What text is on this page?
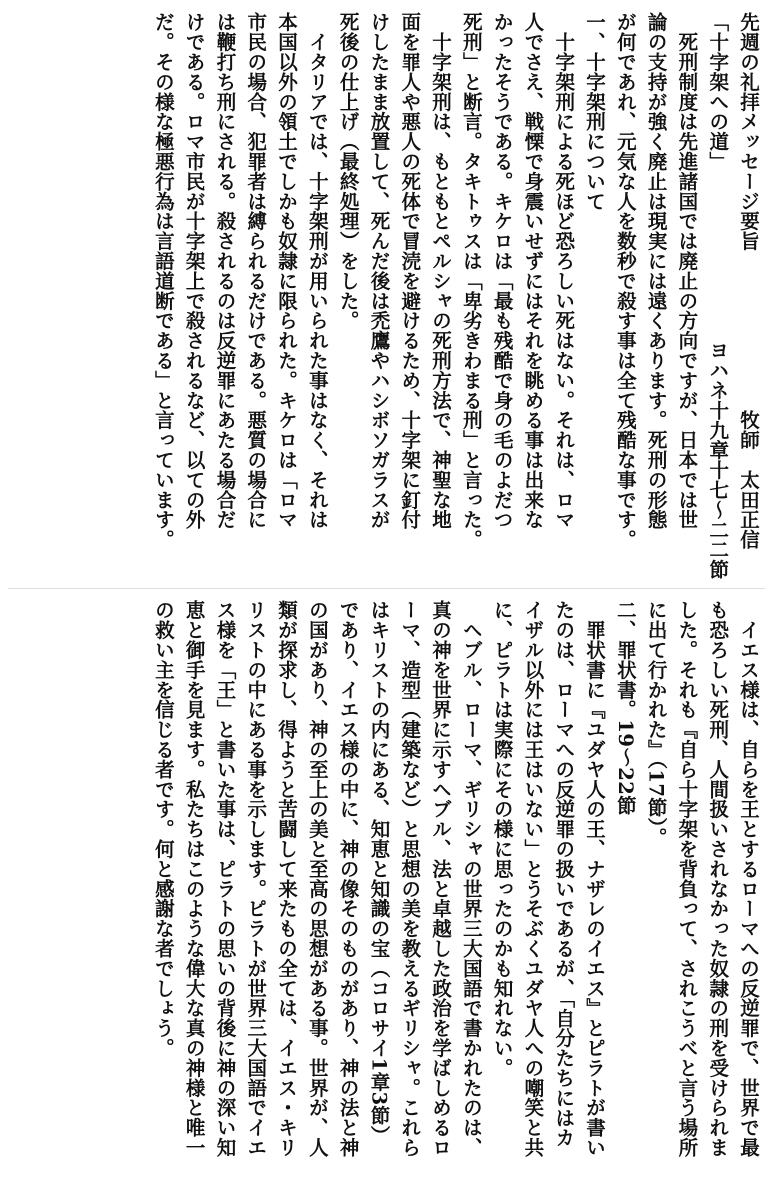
先週の礼拝メッセージ要旨　　　　　　　　牧師　太田正信
「十字架への道」　　　　　　　　　ヨハネ十九章十七〜二二節
　死刑制度は先進諸国では廃止の方向ですが、日本では世
論の支持が強く廃止は現実には遠くあります。死刑の形態
が何であれ、元気な人を数秒で殺す事は全て残酷な事です。
一、十字架刑について
　十字架刑による死ほど恐ろしい死はない。それは、ロマ
人でさえ、戦慄で身震いせずにはそれを眺める事は出来な
かったそうである。キケロは「最も残酷で身の毛のよだつ
死刑」と断言。タキトゥスは「卑劣きわまる刑」と言った。
　十字架刑は、もともとペルシャの死刑方法で、神聖な地
面を罪人や悪人の死体で冒涜を避けるため、十字架に釘付
けしたまま放置して、死んだ後は禿鷹やハシボソガラスが
死後の仕上げ（最終処理）をした。
　イタリアでは、十字架刑が用いられた事はなく、それは
本国以外の領土でしかも奴隷に限られた。キケロは「ロマ
市民の場合、犯罪者は縛られるだけである。悪質の場合に
は鞭打ち刑にされる。殺されるのは反逆罪にあたる場合だ
けである。ロマ市民が十字架上で殺されるなど、以ての外
だ。その様な極悪行為は言語道断である」と言っています。
　イエス様は、自らを王とするローマへの反逆罪で、世界で最
も恐ろしい死刑、人間扱いされなかった奴隷の刑を受けられま
した。それも『自ら十字架を背負って、されこうべと言う場所
に出て行かれた』（17節）。
二、罪状書。19〜22節
　罪状書に『ユダヤ人の王、ナザレのイエス』とピラトが書い
たのは、ローマへの反逆罪の扱いであるが、「自分たちにはカ
イザル以外には王はいない」とうそぶくユダヤ人への嘲笑と共
に、ピラトは実際にその様に思ったのかも知れない。
　ヘブル、ローマ、ギリシャの世界三大国語で書かれたのは、
真の神を世界に示すヘブル、法と卓越した政治を学ばしめるロ
ーマ、造型（建築など）と思想の美を教えるギリシャ。これら
はキリストの内にある、知恵と知識の宝（コロサイ1章3節）
であり、イエス様の中に、神の像そのものがあり、神の法と神
の国があり、神の至上の美と至高の思想がある事。世界が、人
類が探求し、得ようと苦闘して来たもの全ては、イエス・キリ
リストの中にある事を示します。ピラトが世界三大国語でイエ
ス様を「王」と書いた事は、ピラトの思いの背後に神の深い知
恵と御手を見ます。私たちはこのような偉大な真の神様と唯一
の救い主を信じる者です。何と感謝な者でしょう。
